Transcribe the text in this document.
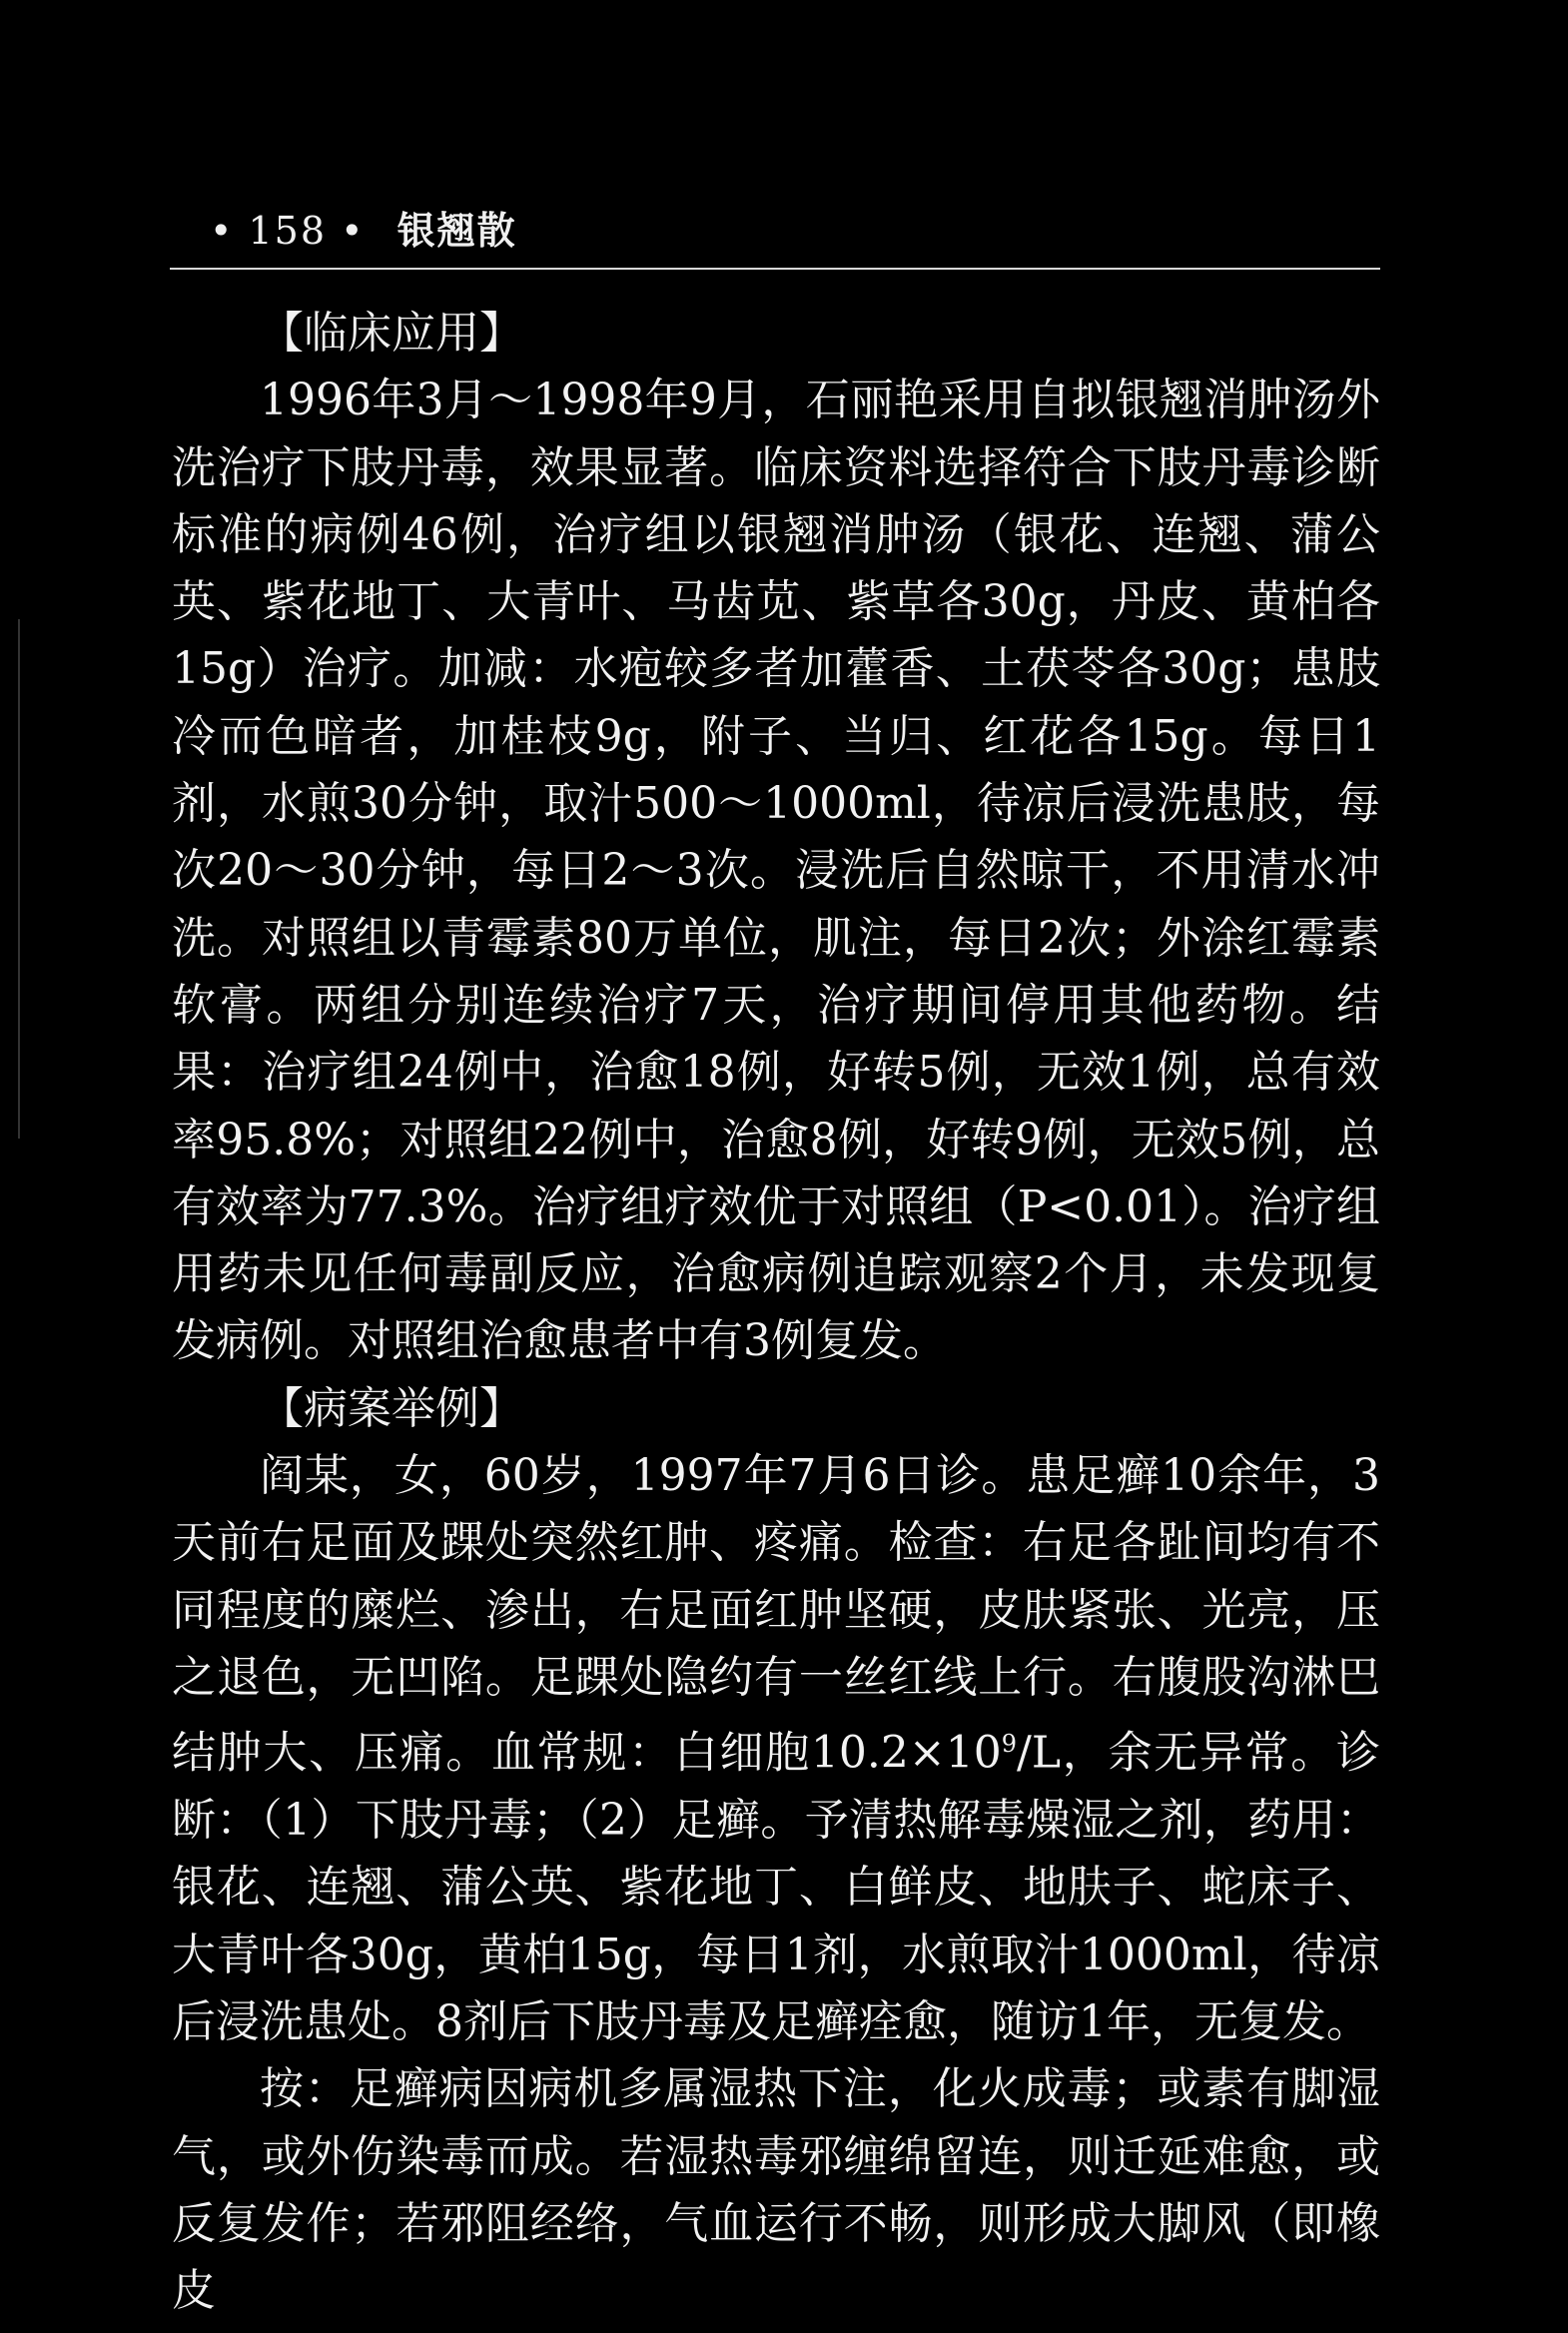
• 158 • 银翘散

【临床应用】

1996年3月～1998年9月，石丽艳采用自拟银翘消肿汤外洗治疗下肢丹毒，效果显著。临床资料选择符合下肢丹毒诊断标准的病例46例，治疗组以银翘消肿汤（银花、连翘、蒲公英、紫花地丁、大青叶、马齿苋、紫草各30g，丹皮、黄柏各15g）治疗。加减：水疱较多者加藿香、土茯苓各30g；患肢冷而色暗者，加桂枝9g，附子、当归、红花各15g。每日1剂，水煎30分钟，取汁500～1000ml，待凉后浸洗患肢，每次20～30分钟，每日2～3次。浸洗后自然晾干，不用清水冲洗。对照组以青霉素80万单位，肌注，每日2次；外涂红霉素软膏。两组分别连续治疗7天，治疗期间停用其他药物。结果：治疗组24例中，治愈18例，好转5例，无效1例，总有效率95.8%；对照组22例中，治愈8例，好转9例，无效5例，总有效率为77.3%。治疗组疗效优于对照组（P<0.01）。治疗组用药未见任何毒副反应，治愈病例追踪观察2个月，未发现复发病例。对照组治愈患者中有3例复发。

【病案举例】

阎某，女，60岁，1997年7月6日诊。患足癣10余年，3天前右足面及踝处突然红肿、疼痛。检查：右足各趾间均有不同程度的糜烂、渗出，右足面红肿坚硬，皮肤紧张、光亮，压之退色，无凹陷。足踝处隐约有一丝红线上行。右腹股沟淋巴结肿大、压痛。血常规：白细胞$10.2\times 10^9/L$，余无异常。诊断：（1）下肢丹毒；（2）足癣。予清热解毒燥湿之剂，药用：银花、连翘、蒲公英、紫花地丁、白鲜皮、地肤子、蛇床子、大青叶各30g，黄柏15g，每日1剂，水煎取汁1000ml，待凉后浸洗患处。8剂后下肢丹毒及足癣痊愈，随访1年，无复发。

按：足癣病因病机多属湿热下注，化火成毒；或素有脚湿气，或外伤染毒而成。若湿热毒邪缠绵留连，则迁延难愈，或反复发作；若邪阻经络，气血运行不畅，则形成大脚风（即橡皮
